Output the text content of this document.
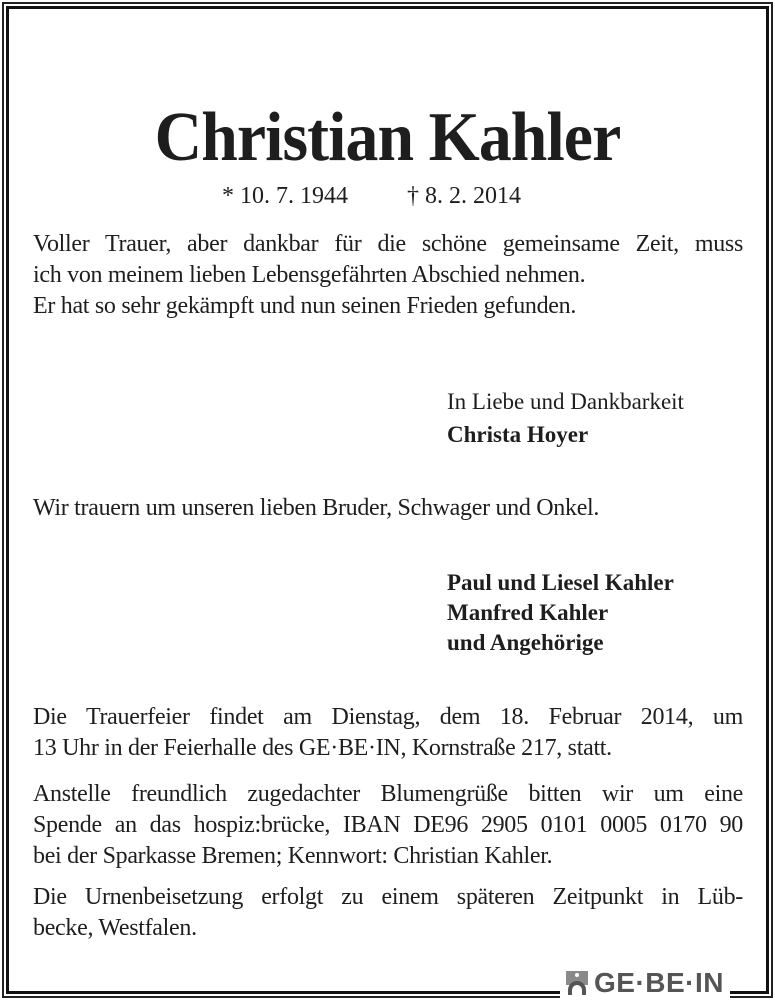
Christian Kahler
* 10. 7. 1944 † 8. 2. 2014
Voller Trauer, aber dankbar für die schöne gemeinsame Zeit, muss
ich von meinem lieben Lebensgefährten Abschied nehmen.
Er hat so sehr gekämpft und nun seinen Frieden gefunden.
In Liebe und Dankbarkeit
Christa Hoyer
Wir trauern um unseren lieben Bruder, Schwager und Onkel.
Paul und Liesel Kahler
Manfred Kahler
und Angehörige
Die Trauerfeier findet am Dienstag, dem 18. Februar 2014, um
13 Uhr in der Feierhalle des GE·BE·IN, Kornstraße 217, statt.
Anstelle freundlich zugedachter Blumengrüße bitten wir um eine
Spende an das hospiz:brücke, IBAN DE96 2905 0101 0005 0170 90
bei der Sparkasse Bremen; Kennwort: Christian Kahler.
Die Urnenbeisetzung erfolgt zu einem späteren Zeitpunkt in Lüb-
becke, Westfalen.
GE·BE·IN
